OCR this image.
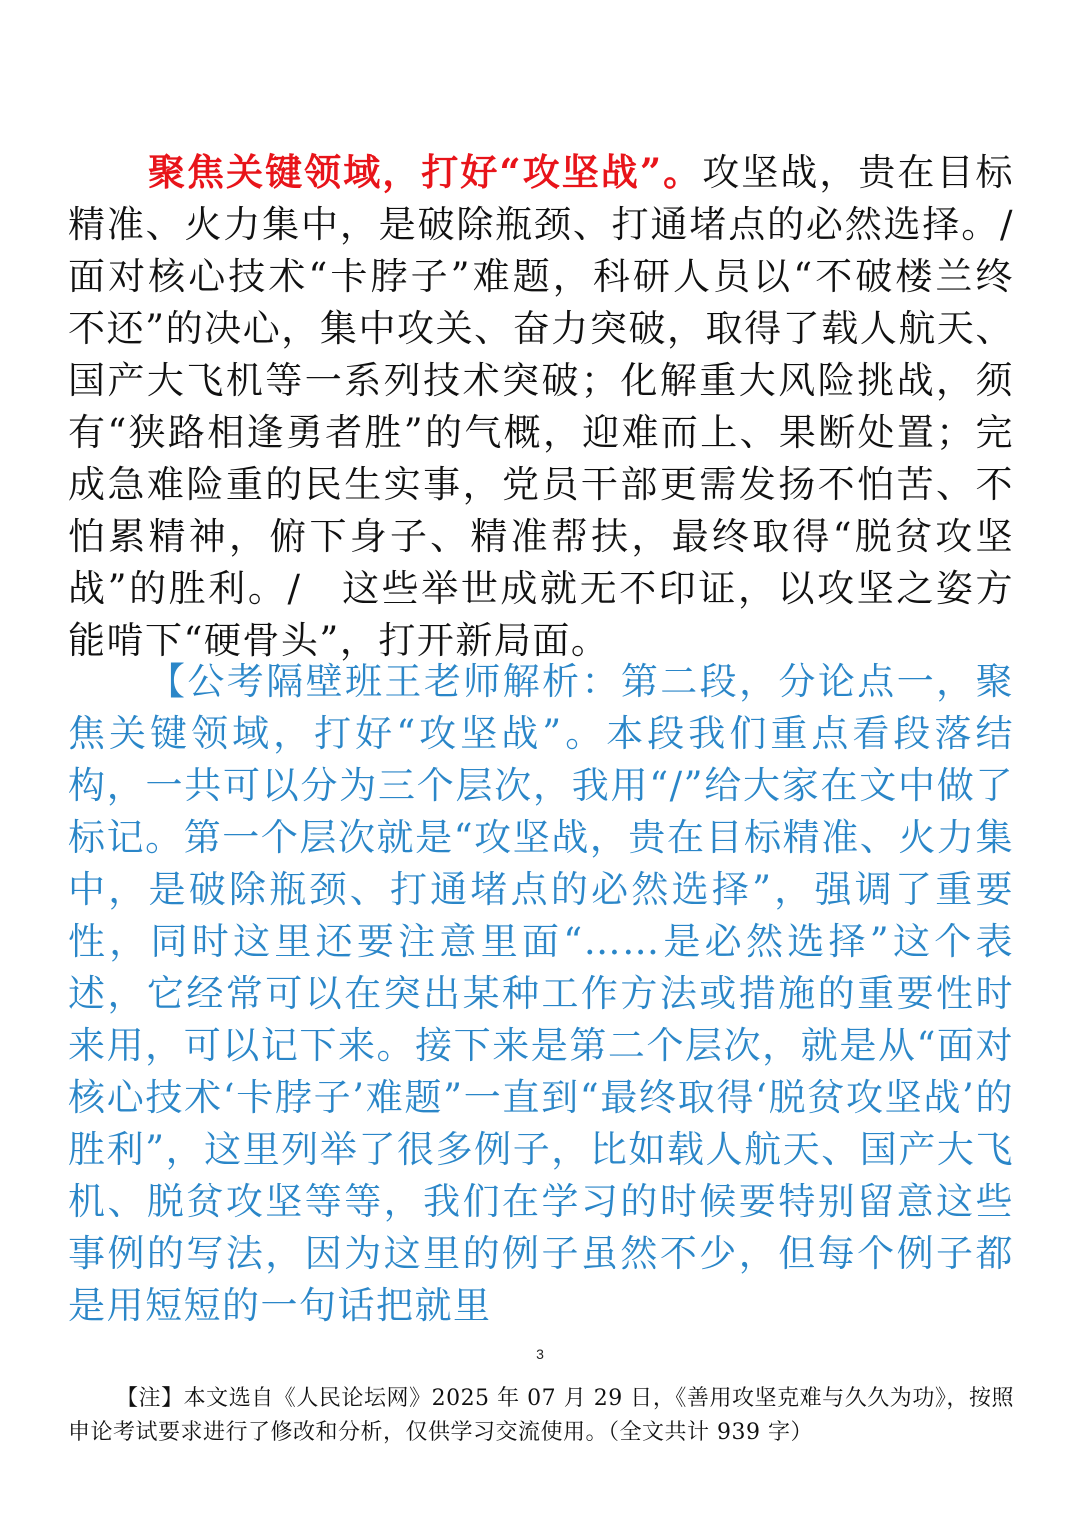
聚焦关键领域，打好“攻坚战”。攻坚战，贵在目标精准、火力集中，是破除瓶颈、打通堵点的必然选择。/　面对核心技术“卡脖子”难题，科研人员以“不破楼兰终不还”的决心，集中攻关、奋力突破，取得了载人航天、国产大飞机等一系列技术突破；化解重大风险挑战，须有“狭路相逢勇者胜”的气概，迎难而上、果断处置；完成急难险重的民生实事，党员干部更需发扬不怕苦、不怕累精神，俯下身子、精准帮扶，最终取得“脱贫攻坚战”的胜利。/　这些举世成就无不印证，以攻坚之姿方能啃下“硬骨头”，打开新局面。

【公考隔壁班王老师解析：第二段，分论点一，聚焦关键领域，打好“攻坚战”。本段我们重点看段落结构，一共可以分为三个层次，我用“/”给大家在文中做了标记。第一个层次就是“攻坚战，贵在目标精准、火力集中，是破除瓶颈、打通堵点的必然选择”，强调了重要性，同时这里还要注意里面“……是必然选择”这个表述，它经常可以在突出某种工作方法或措施的重要性时来用，可以记下来。接下来是第二个层次，就是从“面对核心技术‘卡脖子’难题”一直到“最终取得‘脱贫攻坚战’的胜利”，这里列举了很多例子，比如载人航天、国产大飞机、脱贫攻坚等等，我们在学习的时候要特别留意这些事例的写法，因为这里的例子虽然不少，但每个例子都是用短短的一句话把就里

3

【注】本文选自《人民论坛网》2025 年 07 月 29 日，《善用攻坚克难与久久为功》，按照申论考试要求进行了修改和分析，仅供学习交流使用。（全文共计 939 字）
